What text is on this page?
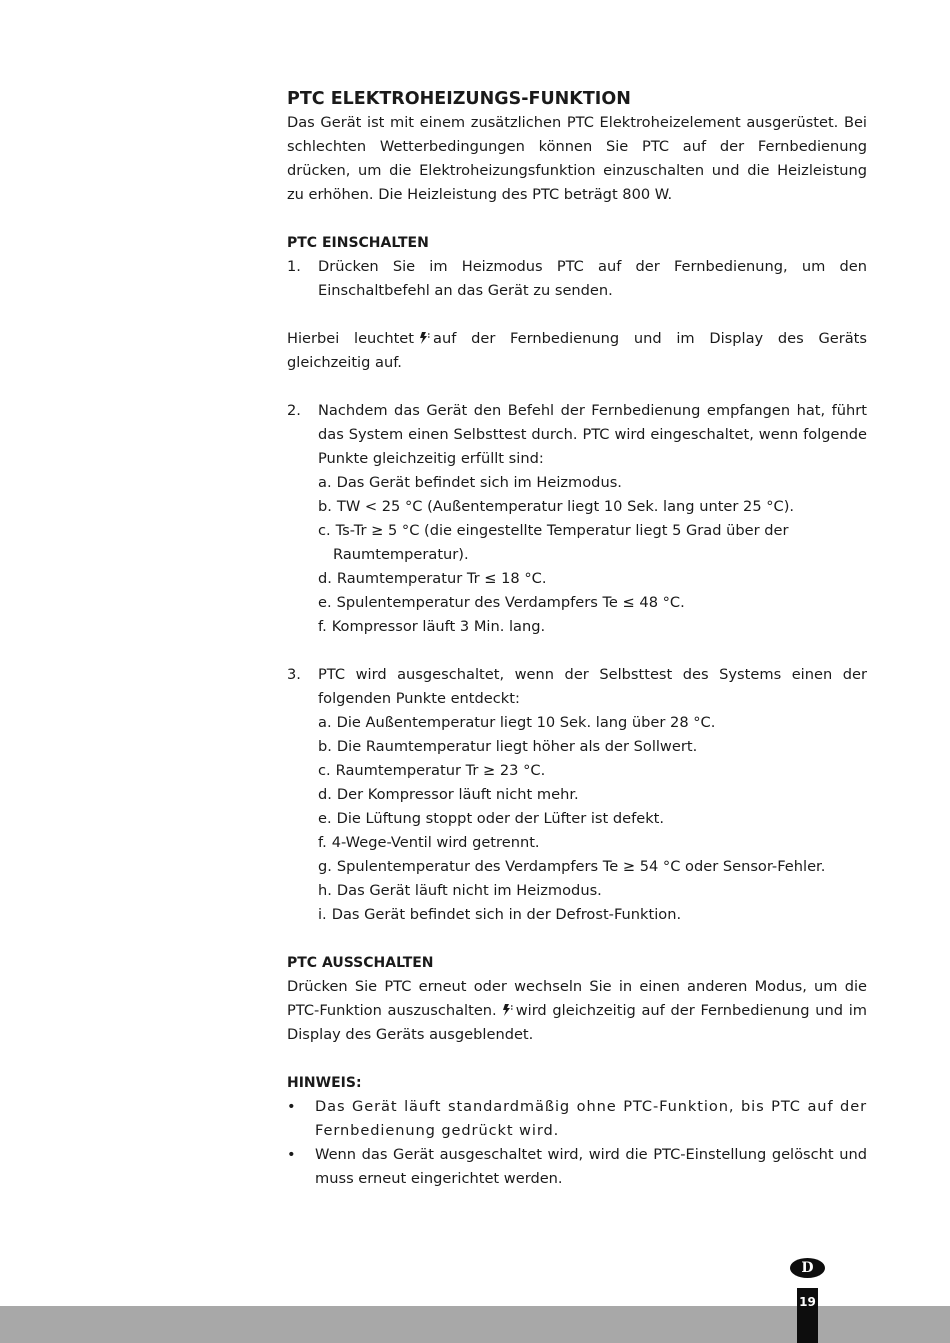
PTC ELEKTROHEIZUNGS-FUNKTION

Das Gerät ist mit einem zusätzlichen PTC Elektroheizelement ausgerüstet. Bei schlechten Wetterbedingungen können Sie PTC auf der Fernbedienung drücken, um die Elektroheizungsfunktion einzuschalten und die Heizleistung zu erhöhen. Die Heizleistung des PTC beträgt 800 W.

PTC EINSCHALTEN
1.	Drücken Sie im Heizmodus PTC auf der Fernbedienung, um den Einschaltbefehl an das Gerät zu senden.

Hierbei leuchtet auf der Fernbedienung und im Display des Geräts gleichzeitig auf.

2.	Nachdem das Gerät den Befehl der Fernbedienung empfangen hat, führt das System einen Selbsttest durch. PTC wird eingeschaltet, wenn folgende Punkte gleichzeitig erfüllt sind:
a. Das Gerät befindet sich im Heizmodus.
b. TW < 25 °C (Außentemperatur liegt 10 Sek. lang unter 25 °C).
c. Ts-Tr ≥ 5 °C (die eingestellte Temperatur liegt 5 Grad über der
Raumtemperatur).
d. Raumtemperatur Tr ≤ 18 °C.
e. Spulentemperatur des Verdampfers Te ≤ 48 °C.
f. Kompressor läuft 3 Min. lang.
3.	PTC wird ausgeschaltet, wenn der Selbsttest des Systems einen der folgenden Punkte entdeckt:
a. Die Außentemperatur liegt 10 Sek. lang über 28 °C.
b. Die Raumtemperatur liegt höher als der Sollwert.
c. Raumtemperatur Tr ≥ 23 °C.
d. Der Kompressor läuft nicht mehr.
e. Die Lüftung stoppt oder der Lüfter ist defekt.
f. 4-Wege-Ventil wird getrennt.
g. Spulentemperatur des Verdampfers Te ≥ 54 °C oder Sensor-Fehler.
h. Das Gerät läuft nicht im Heizmodus.
i. Das Gerät befindet sich in der Defrost-Funktion.
PTC AUSSCHALTEN

Drücken Sie PTC erneut oder wechseln Sie in einen anderen Modus, um die PTC-Funktion auszuschalten. wird gleichzeitig auf der Fernbedienung und im Display des Geräts ausgeblendet.

HINWEIS:
•	Das Gerät läuft standardmäßig ohne PTC-Funktion, bis PTC auf der Fernbedienung gedrückt wird.
•	Wenn das Gerät ausgeschaltet wird, wird die PTC-Einstellung gelöscht und muss erneut eingerichtet werden.
D
19
